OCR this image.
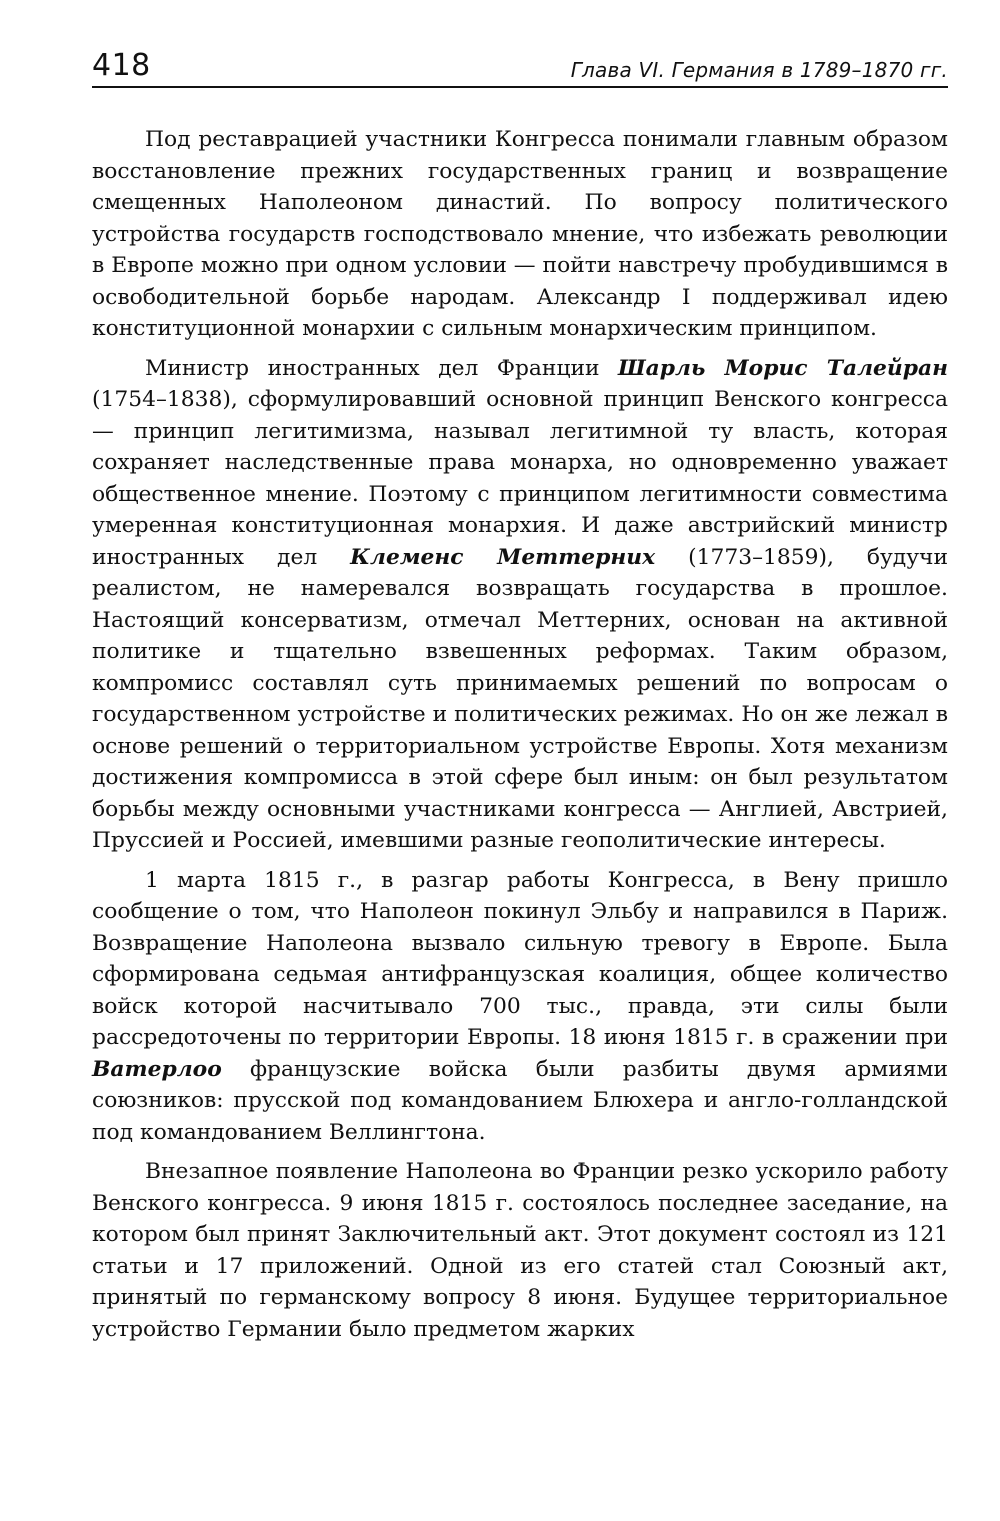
418	Глава VI. Германия в 1789–1870 гг.

Под реставрацией участники Конгресса понимали главным образом восстановление прежних государственных границ и возвращение смещенных Наполеоном династий. По вопросу политического устройства государств господствовало мнение, что избежать революции в Европе можно при одном условии — пойти навстречу пробудившимся в освободительной борьбе народам. Александр I поддерживал идею конституционной монархии с сильным монархическим принципом.

Министр иностранных дел Франции Шарль Морис Талейран (1754–1838), сформулировавший основной принцип Венского конгресса — принцип легитимизма, называл легитимной ту власть, которая сохраняет наследственные права монарха, но одновременно уважает общественное мнение. Поэтому с принципом легитимности совместима умеренная конституционная монархия. И даже австрийский министр иностранных дел Клеменс Меттерних (1773–1859), будучи реалистом, не намеревался возвращать государства в прошлое. Настоящий консерватизм, отмечал Меттерних, основан на активной политике и тщательно взвешенных реформах. Таким образом, компромисс составлял суть принимаемых решений по вопросам о государственном устройстве и политических режимах. Но он же лежал в основе решений о территориальном устройстве Европы. Хотя механизм достижения компромисса в этой сфере был иным: он был результатом борьбы между основными участниками конгресса — Англией, Австрией, Пруссией и Россией, имевшими разные геополитические интересы.

1 марта 1815 г., в разгар работы Конгресса, в Вену пришло сообщение о том, что Наполеон покинул Эльбу и направился в Париж. Возвращение Наполеона вызвало сильную тревогу в Европе. Была сформирована седьмая антифранцузская коалиция, общее количество войск которой насчитывало 700 тыс., правда, эти силы были рассредоточены по территории Европы. 18 июня 1815 г. в сражении при Ватерлоо французские войска были разбиты двумя армиями союзников: прусской под командованием Блюхера и англо-голландской под командованием Веллингтона.

Внезапное появление Наполеона во Франции резко ускорило работу Венского конгресса. 9 июня 1815 г. состоялось последнее заседание, на котором был принят Заключительный акт. Этот документ состоял из 121 статьи и 17 приложений. Одной из его статей стал Союзный акт, принятый по германскому вопросу 8 июня. Будущее территориальное устройство Германии было предметом жарких
